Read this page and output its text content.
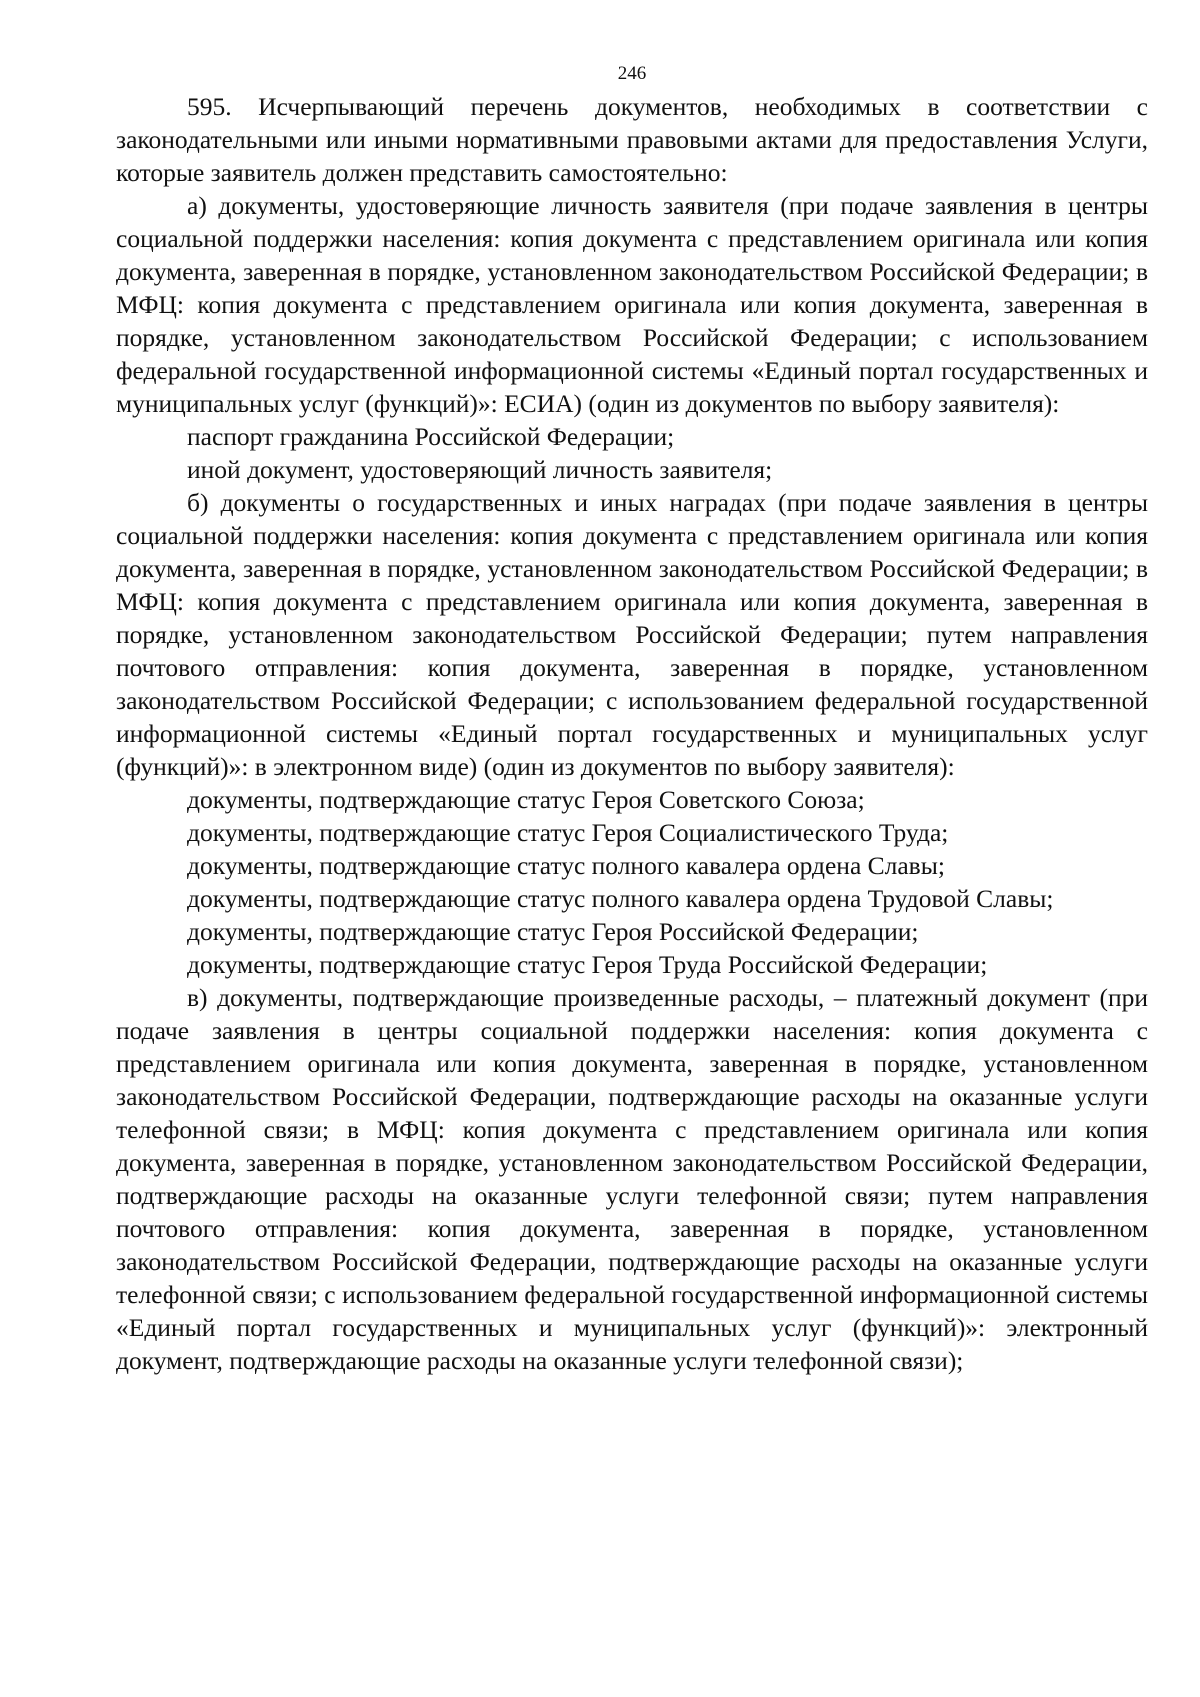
246

595. Исчерпывающий перечень документов, необходимых в соответствии с законодательными или иными нормативными правовыми актами для предоставления Услуги, которые заявитель должен представить самостоятельно:

а) документы, удостоверяющие личность заявителя (при подаче заявления в центры социальной поддержки населения: копия документа с представлением оригинала или копия документа, заверенная в порядке, установленном законодательством Российской Федерации; в МФЦ: копия документа с представлением оригинала или копия документа, заверенная в порядке, установленном законодательством Российской Федерации; с использованием федеральной государственной информационной системы «Единый портал государственных и муниципальных услуг (функций)»: ЕСИА) (один из документов по выбору заявителя):

паспорт гражданина Российской Федерации;

иной документ, удостоверяющий личность заявителя;

б) документы о государственных и иных наградах (при подаче заявления в центры социальной поддержки населения: копия документа с представлением оригинала или копия документа, заверенная в порядке, установленном законодательством Российской Федерации; в МФЦ: копия документа с представлением оригинала или копия документа, заверенная в порядке, установленном законодательством Российской Федерации; путем направления почтового отправления: копия документа, заверенная в порядке, установленном законодательством Российской Федерации; с использованием федеральной государственной информационной системы «Единый портал государственных и муниципальных услуг (функций)»: в электронном виде) (один из документов по выбору заявителя):

документы, подтверждающие статус Героя Советского Союза;

документы, подтверждающие статус Героя Социалистического Труда;

документы, подтверждающие статус полного кавалера ордена Славы;

документы, подтверждающие статус полного кавалера ордена Трудовой Славы;

документы, подтверждающие статус Героя Российской Федерации;

документы, подтверждающие статус Героя Труда Российской Федерации;

в) документы, подтверждающие произведенные расходы, – платежный документ (при подаче заявления в центры социальной поддержки населения: копия документа с представлением оригинала или копия документа, заверенная в порядке, установленном законодательством Российской Федерации, подтверждающие расходы на оказанные услуги телефонной связи; в МФЦ: копия документа с представлением оригинала или копия документа, заверенная в порядке, установленном законодательством Российской Федерации, подтверждающие расходы на оказанные услуги телефонной связи; путем направления почтового отправления: копия документа, заверенная в порядке, установленном законодательством Российской Федерации, подтверждающие расходы на оказанные услуги телефонной связи; с использованием федеральной государственной информационной системы «Единый портал государственных и муниципальных услуг (функций)»: электронный документ, подтверждающие расходы на оказанные услуги телефонной связи);
